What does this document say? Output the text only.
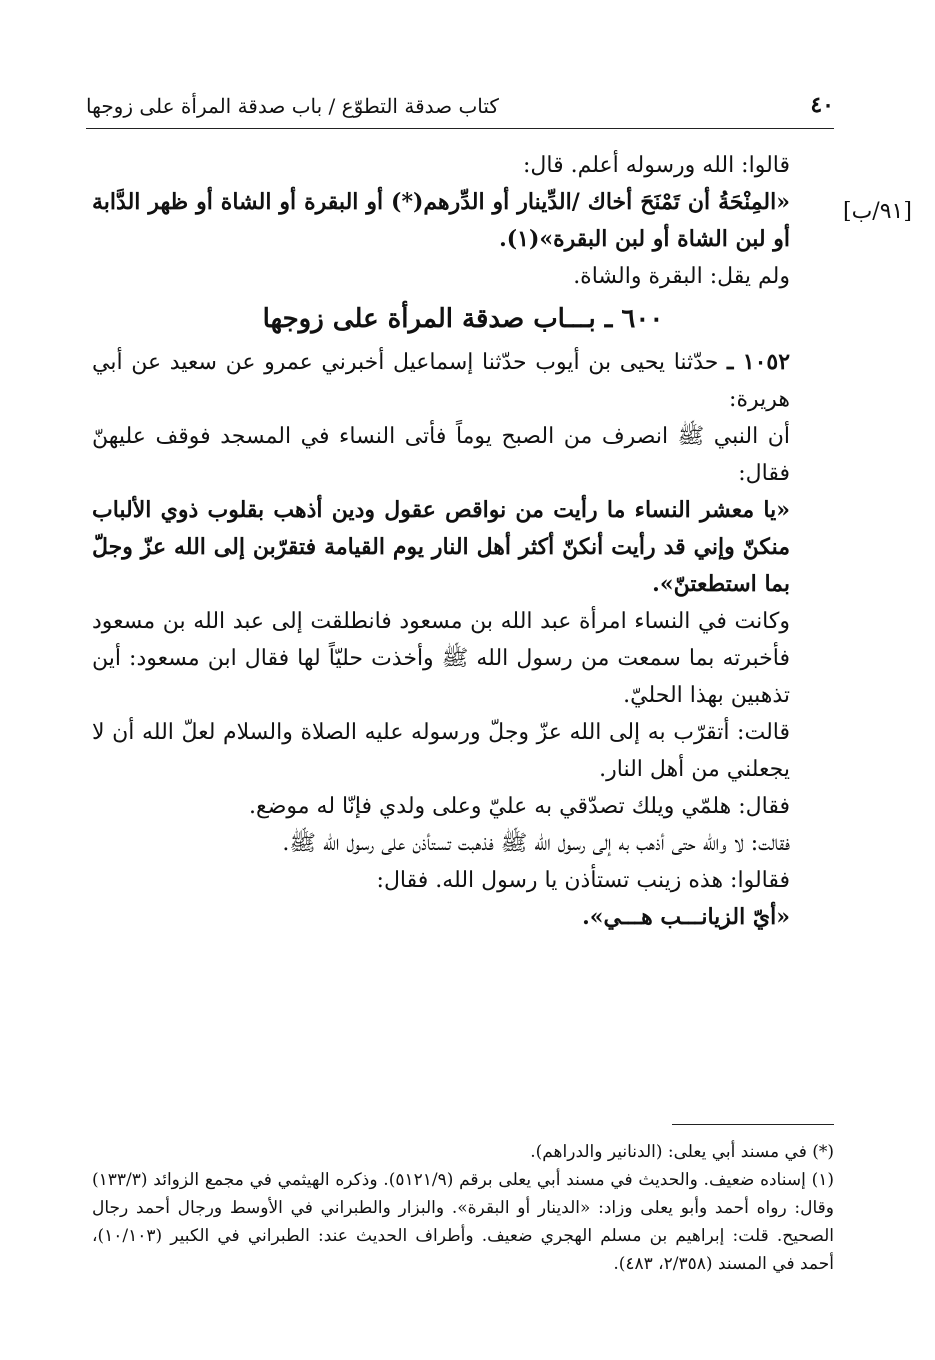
٤٠
كتاب صدقة التطوّع / باب صدقة المرأة على زوجها
[٩١/ب]

قالوا: الله ورسوله أعلم. قال:

«المِنْحَةُ أن تَمْنَحَ أخاك /الدِّينار أو الدِّرهم(*) أو البقرة أو الشاة أو ظهر الدَّابة أو لبن الشاة أو لبن البقرة»(١).

ولم يقل: البقرة والشاة.

٦٠٠ ـ بـــاب صدقة المرأة على زوجها

١٠٥٢ ـ حدّثنا يحيى بن أيوب حدّثنا إسماعيل أخبرني عمرو عن سعيد عن أبي هريرة:

أن النبي ﷺ انصرف من الصبح يوماً فأتى النساء في المسجد فوقف عليهنّ فقال:

«يا معشر النساء ما رأيت من نواقص عقول ودين أذهب بقلوب ذوي الألباب منكنّ وإني قد رأيت أنكنّ أكثر أهل النار يوم القيامة فتقرّبن إلى الله عزّ وجلّ بما استطعتنّ».

وكانت في النساء امرأة عبد الله بن مسعود فانطلقت إلى عبد الله بن مسعود فأخبرته بما سمعت من رسول الله ﷺ وأخذت حليّاً لها فقال ابن مسعود: أين تذهبين بهذا الحليّ.

قالت: أتقرّب به إلى الله عزّ وجلّ ورسوله عليه الصلاة والسلام لعلّ الله أن لا يجعلني من أهل النار.

فقال: هلمّي ويلك تصدّقي به عليّ وعلى ولدي فإنّا له موضع.

فقالت: لا والله حتى أذهب به إلى رسول الله ﷺ فذهبت تستأذن على رسول الله ﷺ.

فقالوا: هذه زينب تستأذن يا رسول الله. فقال:

«أيّ الزيانـــب هـــي».

(*) في مسند أبي يعلى: (الدنانير والدراهم).

(١) إسناده ضعيف. والحديث في مسند أبي يعلى برقم (٥١٢١/٩). وذكره الهيثمي في مجمع الزوائد (١٣٣/٣) وقال: رواه أحمد وأبو يعلى وزاد: «الدينار أو البقرة». والبزار والطبراني في الأوسط ورجال أحمد رجال الصحيح. قلت: إبراهيم بن مسلم الهجري ضعيف. وأطراف الحديث عند: الطبراني في الكبير (١٠/١٠٣)، أحمد في المسند (٢/٣٥٨، ٤٨٣).
